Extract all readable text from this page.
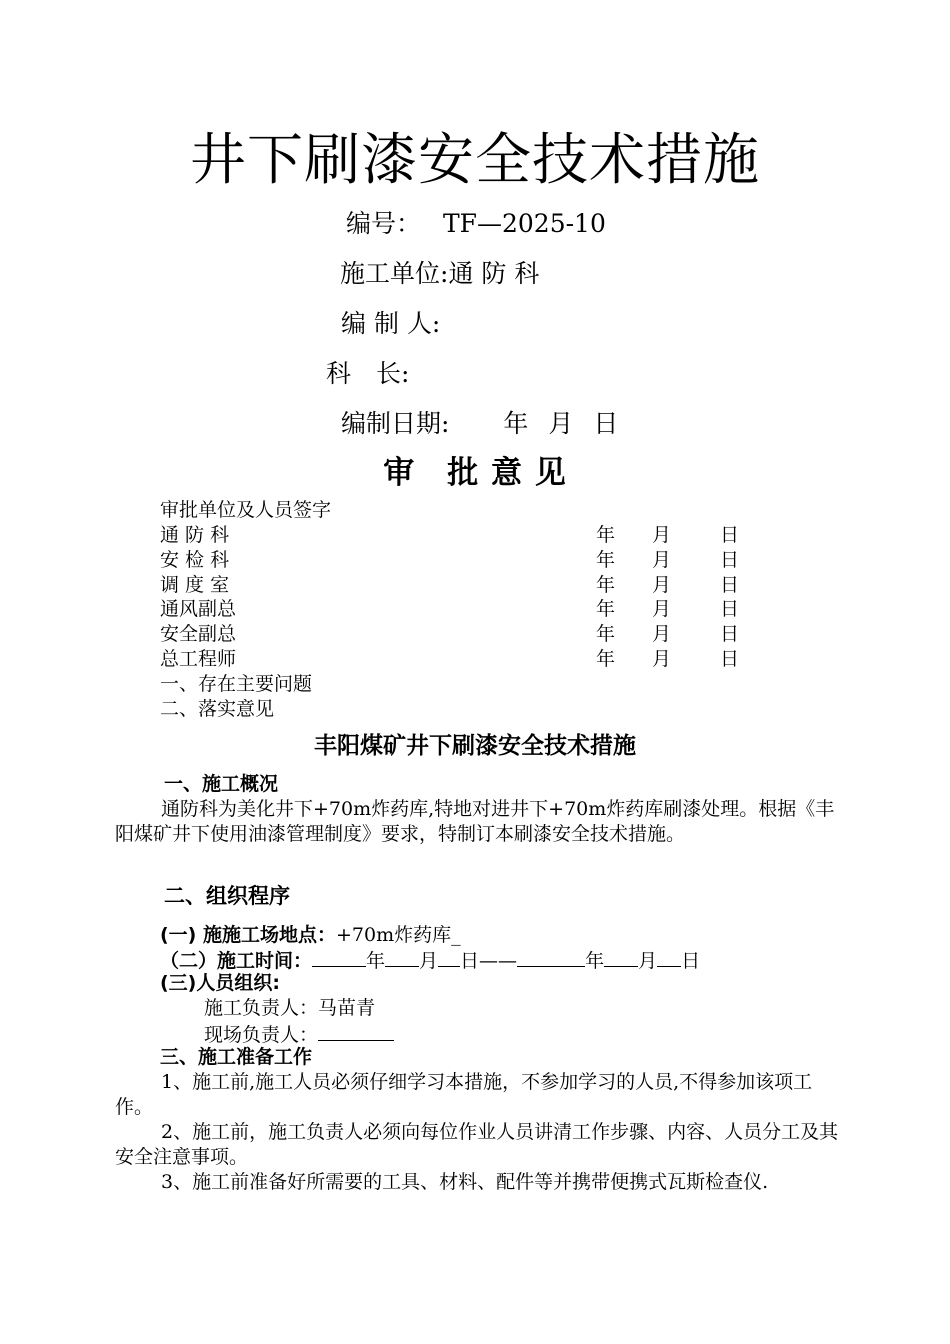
井下刷漆安全技术措施
编号： TF—2025-10
施工单位:通 防 科
编 制 人:
科　长:
编制日期: 年 月 日
审　批 意 见
审批单位及人员签字
通 防 科	年 月	日
安 检 科	年 月	日
调 度 室	年 月	日
通风副总	年 月	日
安全副总	年 月	日
总工程师	年 月	日
一、存在主要问题
二、落实意见
丰阳煤矿井下刷漆安全技术措施
一、施工概况
通防科为美化井下+70m炸药库,特地对进井下+70m炸药库刷漆处理。根据《丰阳煤矿井下使用油漆管理制度》要求，特制订本刷漆安全技术措施。
二、组织程序
(一) 施施工场地点：+70m炸药库_
（二）施工时间：	年 月 日——	年 月 日
(三)人员组织:
施工负责人：马苗青
现场负责人：
三、施工准备工作
1、施工前,施工人员必须仔细学习本措施，不参加学习的人员,不得参加该项工作。
2、施工前，施工负责人必须向每位作业人员讲清工作步骤、内容、人员分工及其安全注意事项。
3、施工前准备好所需要的工具、材料、配件等并携带便携式瓦斯检查仪.
